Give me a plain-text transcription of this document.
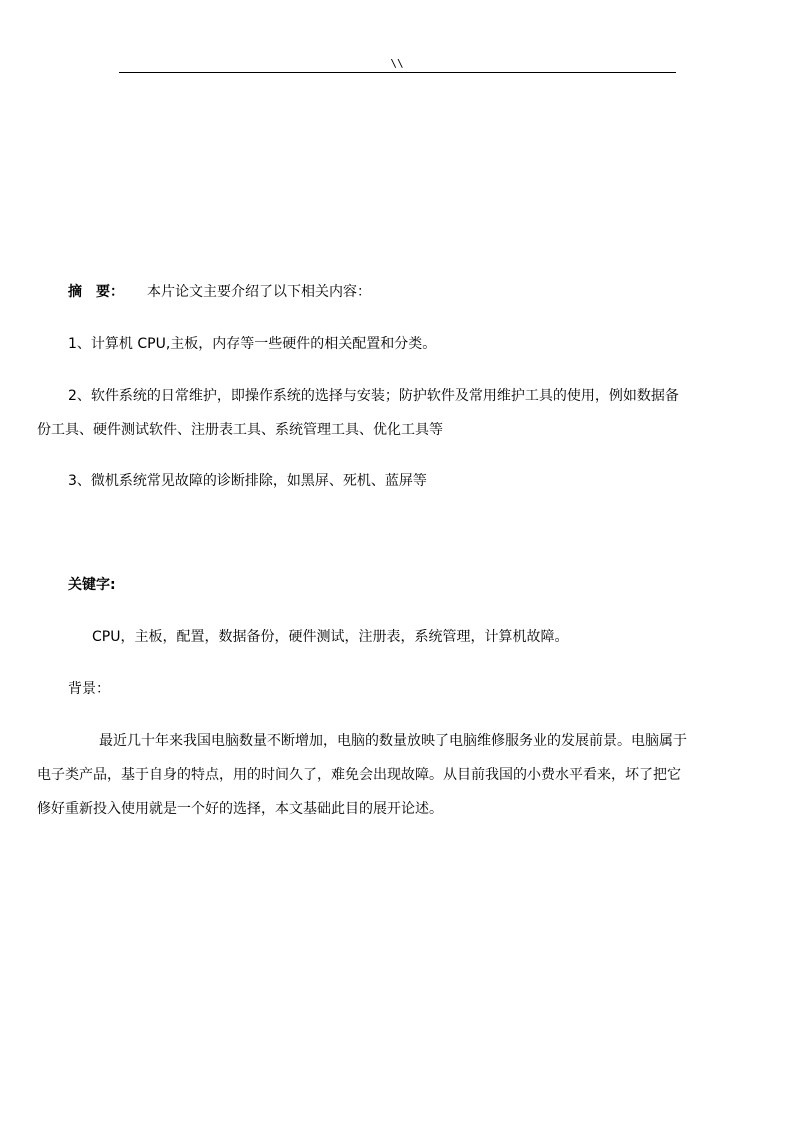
\\
摘　要： 本片论文主要介绍了以下相关内容：
1、计算机 CPU,主板，内存等一些硬件的相关配置和分类。
2、软件系统的日常维护，即操作系统的选择与安装；防护软件及常用维护工具的使用，例如数据备
份工具、硬件测试软件、注册表工具、系统管理工具、优化工具等
3、微机系统常见故障的诊断排除，如黑屏、死机、蓝屏等
关键字:
CPU，主板，配置，数据备份，硬件测试，注册表，系统管理，计算机故障。
背景：
最近几十年来我国电脑数量不断增加，电脑的数量放映了电脑维修服务业的发展前景。电脑属于
电子类产品，基于自身的特点，用的时间久了，难免会出现故障。从目前我国的小费水平看来，坏了把它
修好重新投入使用就是一个好的选择，本文基础此目的展开论述。
